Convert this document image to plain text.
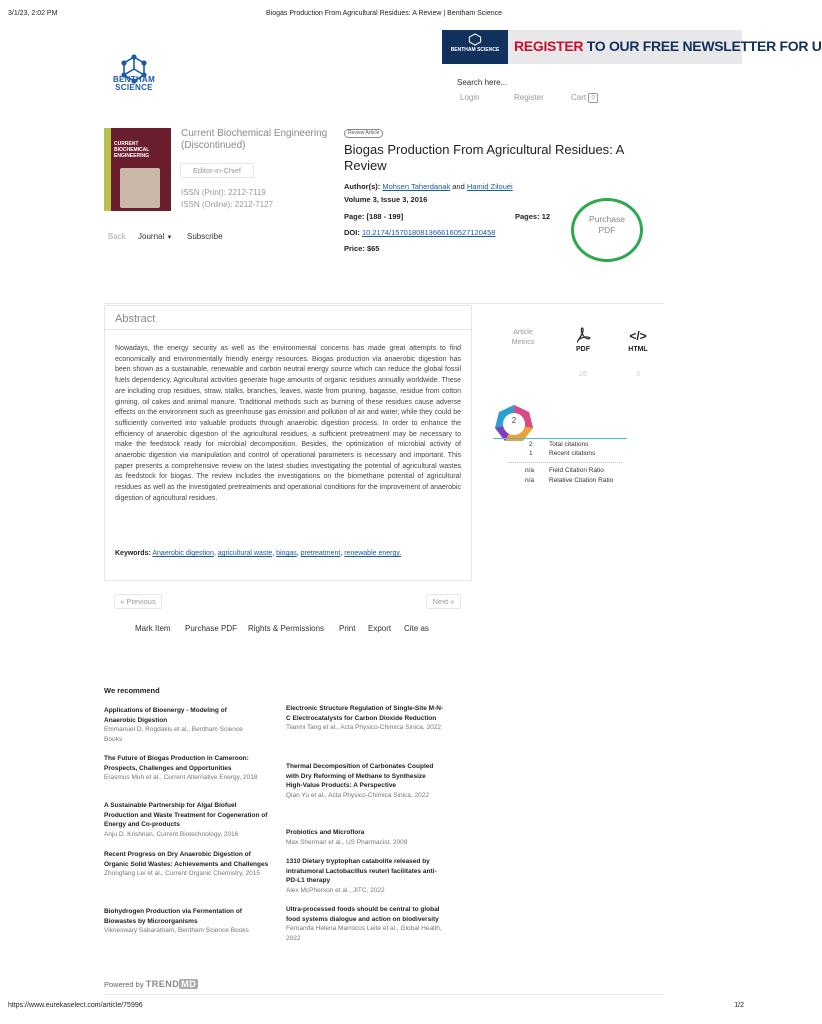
3/1/23, 2:02 PM	Biogas Production From Agricultural Residues: A Review | Bentham Science
BENTHAM
SCIENCE
BENTHAM SCIENCE REGISTER TO OUR FREE NEWSLETTER FOR U
Search here...
Login	Register	Cart 0
CURRENT BIOCHEMICAL ENGINEERING
Current Biochemical Engineering (Discontinued)
Editor-in-Chief
ISSN (Print): 2212-7119
ISSN (Online): 2212-7127
Back Journal ▼ Subscribe
Review Article
Biogas Production From Agricultural Residues: A Review
Author(s): Mohsen Taherdanak and Hamid Zilouei
Volume 3, Issue 3, 2016
Page: [188 - 199]	Pages: 12
DOI: 10.2174/1570180813666160527120458
Price: $65
Purchase
PDF
Abstract
Nowadays, the energy security as well as the environmental concerns has made great attempts to find economically and environmentally friendly energy resources. Biogas production via anaerobic digestion has been shown as a sustainable, renewable and carbon neutral energy source which can reduce the global fossil fuels dependency. Agricultural activities generate huge amounts of organic residues annually worldwide. These are including crop residues, straw, stalks, branches, leaves, waste from pruning, bagasse, residue from cotton ginning, oil cakes and animal manure. Traditional methods such as burning of these residues cause adverse effects on the environment such as greenhouse gas emission and pollution of air and water, while they could be sufficiently converted into valuable products through anaerobic digestion process. In order to enhance the efficiency of anaerobic digestion of the agricultural residues, a sufficient pretreatment may be necessary to make the feedstock ready for microbial decomposition. Besides, the optimization of microbial activity of anaerobic digestion via manipulation and control of operational parameters is necessary and important. This paper presents a comprehensive review on the latest studies investigating the potential of agricultural wastes as feedstock for biogas. The review includes the investigations on the biomethane potential of agricultural residues as well as the investigated pretreatments and operational conditions for the improvement of anaerobic digestion of agricultural residues.
Keywords: Anaerobic digestion, agricultural waste, biogas, pretreatment, renewable energy.
Article
Metrics
PDF
26
</>
HTML
3
2
2	Total citations
1	Recent citations
n/a Field Citation Ratio
n/a Relative Citation Ratio
« Previous	Next »
Mark Item Purchase PDF Rights & Permissions Print Export Cite as
We recommend
Applications of Bioenergy - Modeling of Anaerobic Digestion
Emmanuel D. Rogdakis et al., Bentham Science Books
The Future of Biogas Production in Cameroon: Prospects, Challenges and Opportunities
Erasmus Muh et al., Current Alternative Energy, 2018
A Sustainable Partnership for Algal Biofuel Production and Waste Treatment for Cogeneration of Energy and Co-products
Anju D. Krishnan, Current Biotechnology, 2016
Recent Progress on Dry Anaerobic Digestion of Organic Solid Wastes: Achievements and Challenges
Zhongfang Lei et al., Current Organic Chemistry, 2015
Biohydrogen Production via Fermentation of Biowastes by Microorganisms
Vikneswary Sabaratnam, Bentham Science Books
Electronic Structure Regulation of Single-Site M-N-C Electrocatalysts for Carbon Dioxide Reduction
Tianmi Tang et al., Acta Physico-Chimica Sinica, 2022
Thermal Decomposition of Carbonates Coupled with Dry Reforming of Methane to Synthesize High-Value Products: A Perspective
Qian Yu et al., Acta Physico-Chimica Sinica, 2022
Probiotics and Microflora
Max Sherman et al., US Pharmacist, 2009
1310 Dietary tryptophan catabolite released by intratumoral Lactobacillus reuteri facilitates anti-PD-L1 therapy
Alex McPherson et al., JITC, 2022
Ultra-processed foods should be central to global food systems dialogue and action on biodiversity
Fernanda Helena Marrocos Leite et al., Global Health, 2022
Powered by TREND MD
https://www.eurekaselect.com/article/75996	1/2
